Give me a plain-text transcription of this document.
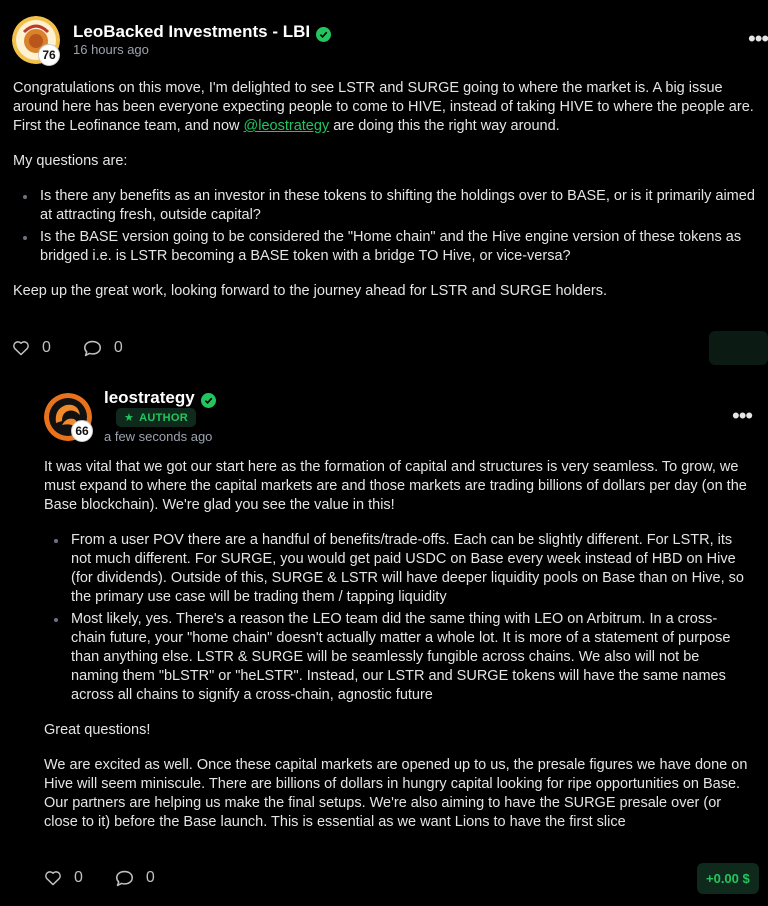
76
LeoBacked Investments - LBI
16 hours ago	•••

Congratulations on this move, I'm delighted to see LSTR and SURGE going to where the market is. A big issue around here has been everyone expecting people to come to HIVE, instead of taking HIVE to where the people are. First the Leofinance team, and now @leostrategy are doing this the right way around.

My questions are:

Is there any benefits as an investor in these tokens to shifting the holdings over to BASE, or is it primarily aimed at attracting fresh, outside capital?
Is the BASE version going to be considered the "Home chain" and the Hive engine version of these tokens as bridged i.e. is LSTR becoming a BASE token with a bridge TO Hive, or vice-versa?

Keep up the great work, looking forward to the journey ahead for LSTR and SURGE holders.

0	0
66
leostrategy
★ AUTHOR
a few seconds ago
•••

It was vital that we got our start here as the formation of capital and structures is very seamless. To grow, we must expand to where the capital markets are and those markets are trading billions of dollars per day (on the Base blockchain). We're glad you see the value in this!

From a user POV there are a handful of benefits/trade-offs. Each can be slightly different. For LSTR, its not much different. For SURGE, you would get paid USDC on Base every week instead of HBD on Hive (for dividends). Outside of this, SURGE & LSTR will have deeper liquidity pools on Base than on Hive, so the primary use case will be trading them / tapping liquidity
Most likely, yes. There's a reason the LEO team did the same thing with LEO on Arbitrum. In a cross-chain future, your "home chain" doesn't actually matter a whole lot. It is more of a statement of purpose than anything else. LSTR & SURGE will be seamlessly fungible across chains. We also will not be naming them "bLSTR" or "heLSTR". Instead, our LSTR and SURGE tokens will have the same names across all chains to signify a cross-chain, agnostic future

Great questions!

We are excited as well. Once these capital markets are opened up to us, the presale figures we have done on Hive will seem miniscule. There are billions of dollars in hungry capital looking for ripe opportunities on Base. Our partners are helping us make the final setups. We're also aiming to have the SURGE presale over (or close to it) before the Base launch. This is essential as we want Lions to have the first slice

0	0	+0.00 $
